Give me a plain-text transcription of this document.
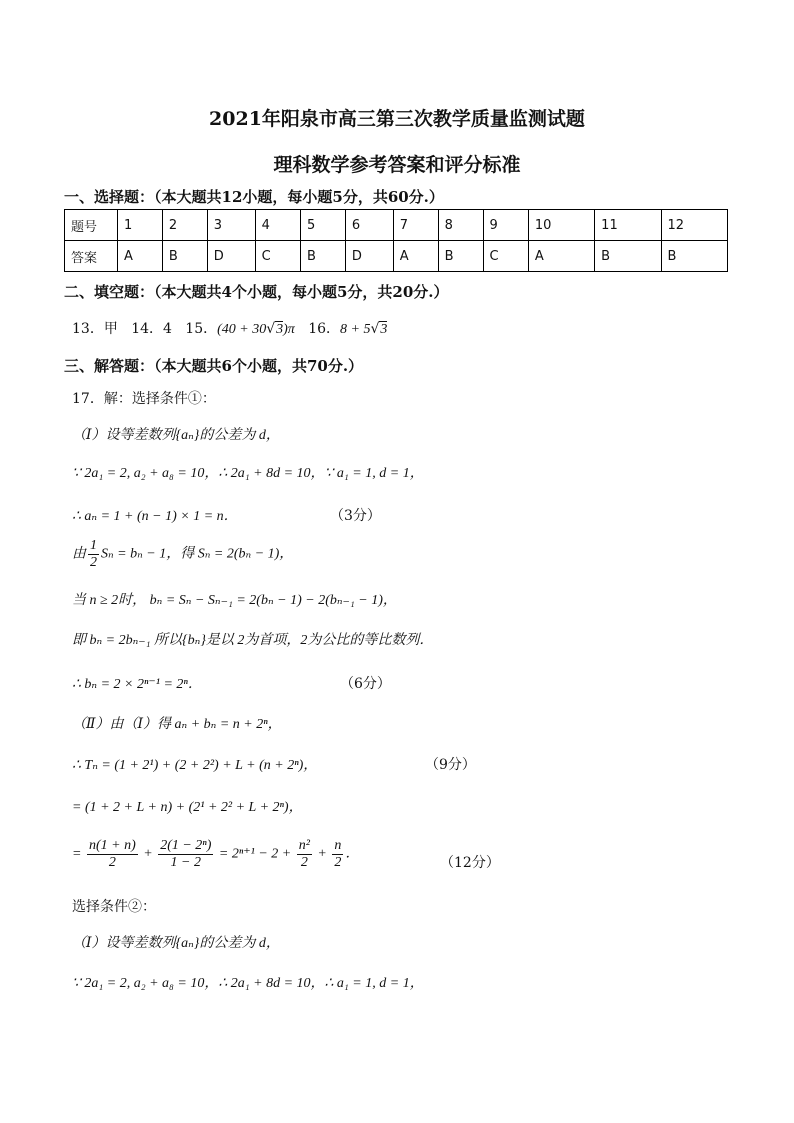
2021年阳泉市高三第三次教学质量监测试题
理科数学参考答案和评分标准
一、选择题：（本大题共12小题，每小题5分，共60分.）
题号	1	2	3	4	5	6	7	8	9	10	11	12
答案	A	B	D	C	B	D	A	B	C	A	B	B
二、填空题：（本大题共4个小题，每小题5分，共20分.）
13．甲 14．4 15．(40 + 30√3)π 16．8 + 5√3
三、解答题：（本大题共6个小题，共70分.）
17．解：选择条件①：
（Ⅰ）设等差数列{aₙ}的公差为 d，
∵ 2a₁ = 2, a₂ + a₈ = 10，∴ 2a₁ + 8d = 10，∵ a₁ = 1, d = 1，
∴ aₙ = 1 + (n − 1) × 1 = n．	（3分）
由 $\frac{1}{2}$ Sₙ = bₙ − 1，得 Sₙ = 2(bₙ − 1)，
当 n ≥ 2时， bₙ = Sₙ − Sₙ₋₁ = 2(bₙ − 1) − 2(bₙ₋₁ − 1)，
即 bₙ = 2bₙ₋₁ 所以{bₙ}是以 2为首项，2为公比的等比数列．
∴ bₙ = 2 × 2ⁿ⁻¹ = 2ⁿ．	（6分）
（Ⅱ）由（Ⅰ）得 aₙ + bₙ = n + 2ⁿ，
∴ Tₙ = (1 + 2¹) + (2 + 2²) + L + (n + 2ⁿ)，	（9分）
= (1 + 2 + L + n) + (2¹ + 2² + L + 2ⁿ)，
= $\frac{n(1 + n)}{2} + \frac{\text{2(1 − 2ⁿ)}}{1 - 2} = 2^{n+1} - 2 + \frac{\text{n²}}{2} + \frac{n}{2}$ ．
（12分）
选择条件②：
（Ⅰ）设等差数列{aₙ}的公差为 d，
∵ 2a₁ = 2, a₂ + a₈ = 10，∴ 2a₁ + 8d = 10，∴ a₁ = 1, d = 1，
